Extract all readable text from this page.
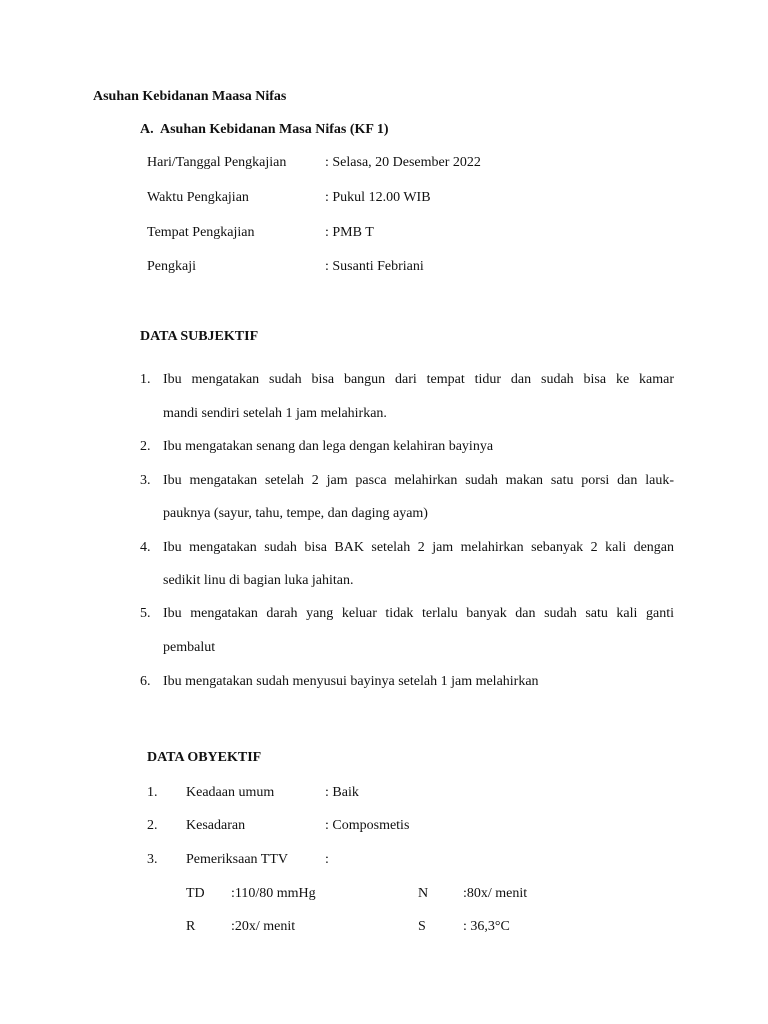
Asuhan Kebidanan Maasa Nifas
A. Asuhan Kebidanan Masa Nifas (KF 1)
Hari/Tanggal Pengkajian	: Selasa, 20 Desember 2022
Waktu Pengkajian	: Pukul 12.00 WIB
Tempat Pengkajian	: PMB T
Pengkaji	: Susanti Febriani
DATA SUBJEKTIF
1. Ibu mengatakan sudah bisa bangun dari tempat tidur dan sudah bisa ke kamar
mandi sendiri setelah 1 jam melahirkan.
2. Ibu mengatakan senang dan lega dengan kelahiran bayinya
3. Ibu mengatakan setelah 2 jam pasca melahirkan sudah makan satu porsi dan lauk-
pauknya (sayur, tahu, tempe, dan daging ayam)
4. Ibu mengatakan sudah bisa BAK setelah 2 jam melahirkan sebanyak 2 kali dengan
sedikit linu di bagian luka jahitan.
5. Ibu mengatakan darah yang keluar tidak terlalu banyak dan sudah satu kali ganti
pembalut
6. Ibu mengatakan sudah menyusui bayinya setelah 1 jam melahirkan
DATA OBYEKTIF
1. Keadaan umum	: Baik
2. Kesadaran	: Composmetis
3. Pemeriksaan TTV	:
TD :110/80 mmHg	N :80x/ menit
R	:20x/ menit	S	: 36,3°C
